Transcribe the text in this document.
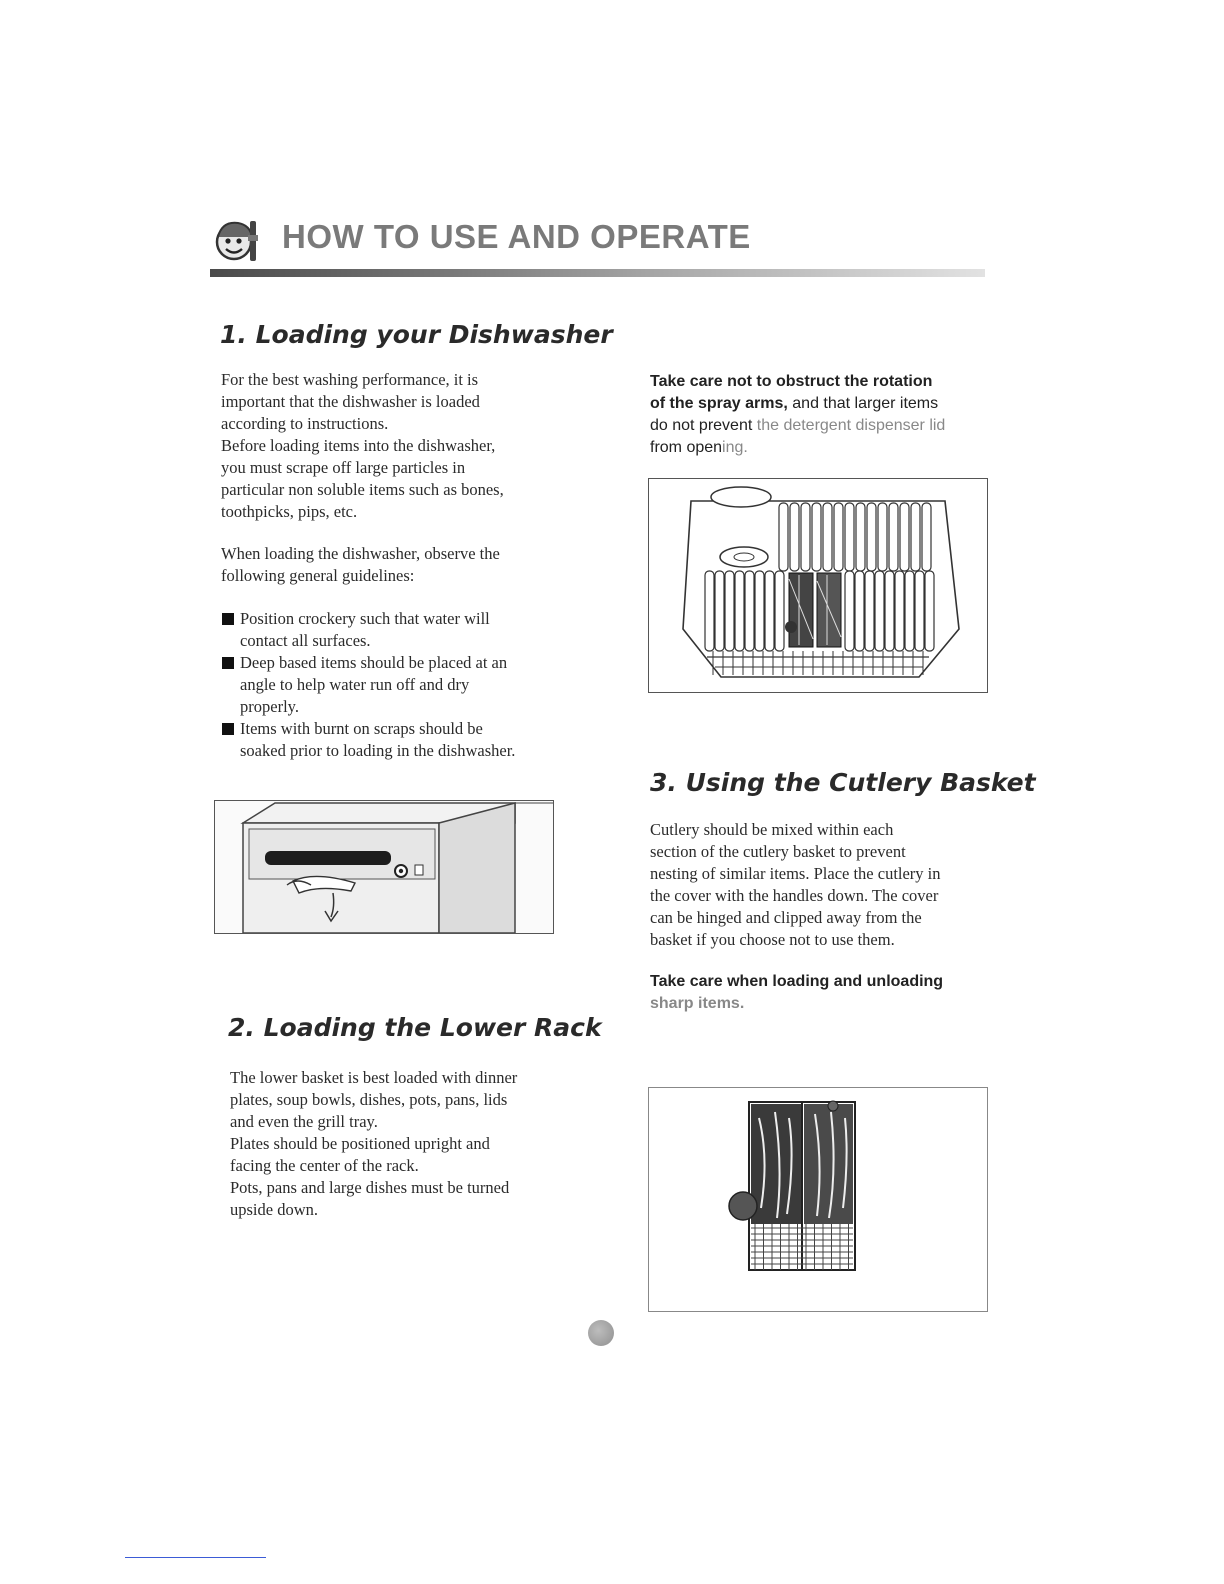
HOW TO USE AND OPERATE
1. Loading your Dishwasher

For the best washing performance, it is
important that the dishwasher is loaded
according to instructions.
Before loading items into the dishwasher,
you must scrape off large particles in
particular non soluble items such as bones,
toothpicks, pips, etc.

When loading the dishwasher, observe the
following general guidelines:

Position crockery such that water will
contact all surfaces.
Deep based items should be placed at an
angle to help water run off and dry
properly.
Items with burnt on scraps should be
soaked prior to loading in the dishwasher.
2. Loading the Lower Rack

The lower basket is best loaded with dinner
plates, soup bowls, dishes, pots, pans, lids
and even the grill tray.
Plates should be positioned upright and
facing the center of the rack.
Pots, pans and large dishes must be turned
upside down.

Take care not to obstruct the rotation
of the spray arms, and that larger items
do not prevent the detergent dispenser lid
from opening.

3. Using the Cutlery Basket

Cutlery should be mixed within each
section of the cutlery basket to prevent
nesting of similar items. Place the cutlery in
the cover with the handles down. The cover
can be hinged and clipped away from the
basket if you choose not to use them.

Take care when loading and unloading
sharp items.
